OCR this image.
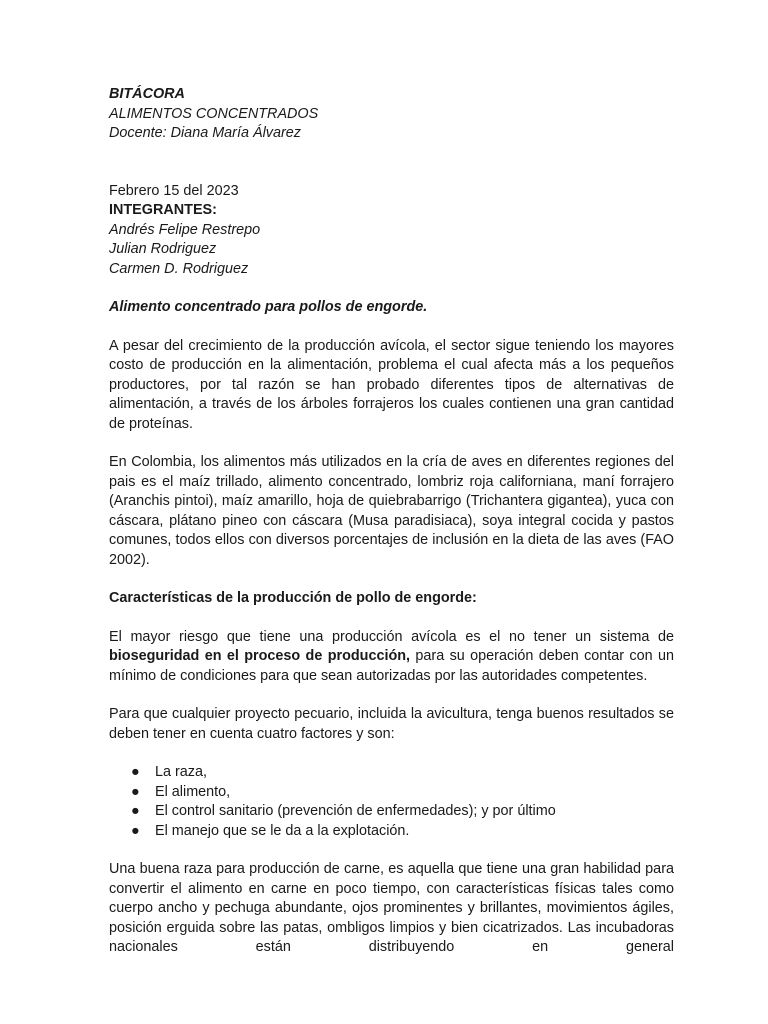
BITÁCORA
ALIMENTOS CONCENTRADOS
Docente: Diana María Álvarez
Febrero 15 del 2023
INTEGRANTES:
Andrés Felipe Restrepo
Julian Rodriguez
Carmen D. Rodriguez
Alimento concentrado para pollos de engorde.
A pesar del crecimiento de la producción avícola, el sector sigue teniendo los mayores costo de producción en la alimentación, problema el cual afecta más a los pequeños productores, por tal razón se han probado diferentes tipos de alternativas de alimentación, a través de los árboles forrajeros los cuales contienen una gran cantidad de proteínas.
En Colombia, los alimentos más utilizados en la cría de aves en diferentes regiones del pais es el maíz trillado, alimento concentrado, lombriz roja californiana, maní forrajero (Aranchis pintoi), maíz amarillo, hoja de quiebrabarrigo (Trichantera gigantea), yuca con cáscara, plátano pineo con cáscara (Musa paradisiaca), soya integral cocida y pastos comunes, todos ellos con diversos porcentajes de inclusión en la dieta de las aves (FAO 2002).
Características de la producción de pollo de engorde:
El mayor riesgo que tiene una producción avícola es el no tener un sistema de bioseguridad en el proceso de producción, para su operación deben contar con un mínimo de condiciones para que sean autorizadas por las autoridades competentes.
Para que cualquier proyecto pecuario, incluida la avicultura, tenga buenos resultados se deben tener en cuenta cuatro factores y son:
● La raza,
● El alimento,
● El control sanitario (prevención de enfermedades); y por último
● El manejo que se le da a la explotación.
Una buena raza para producción de carne, es aquella que tiene una gran habilidad para convertir el alimento en carne en poco tiempo, con características físicas tales como cuerpo ancho y pechuga abundante, ojos prominentes y brillantes, movimientos ágiles, posición erguida sobre las patas, ombligos limpios y bien cicatrizados. Las incubadoras nacionales están distribuyendo en general
